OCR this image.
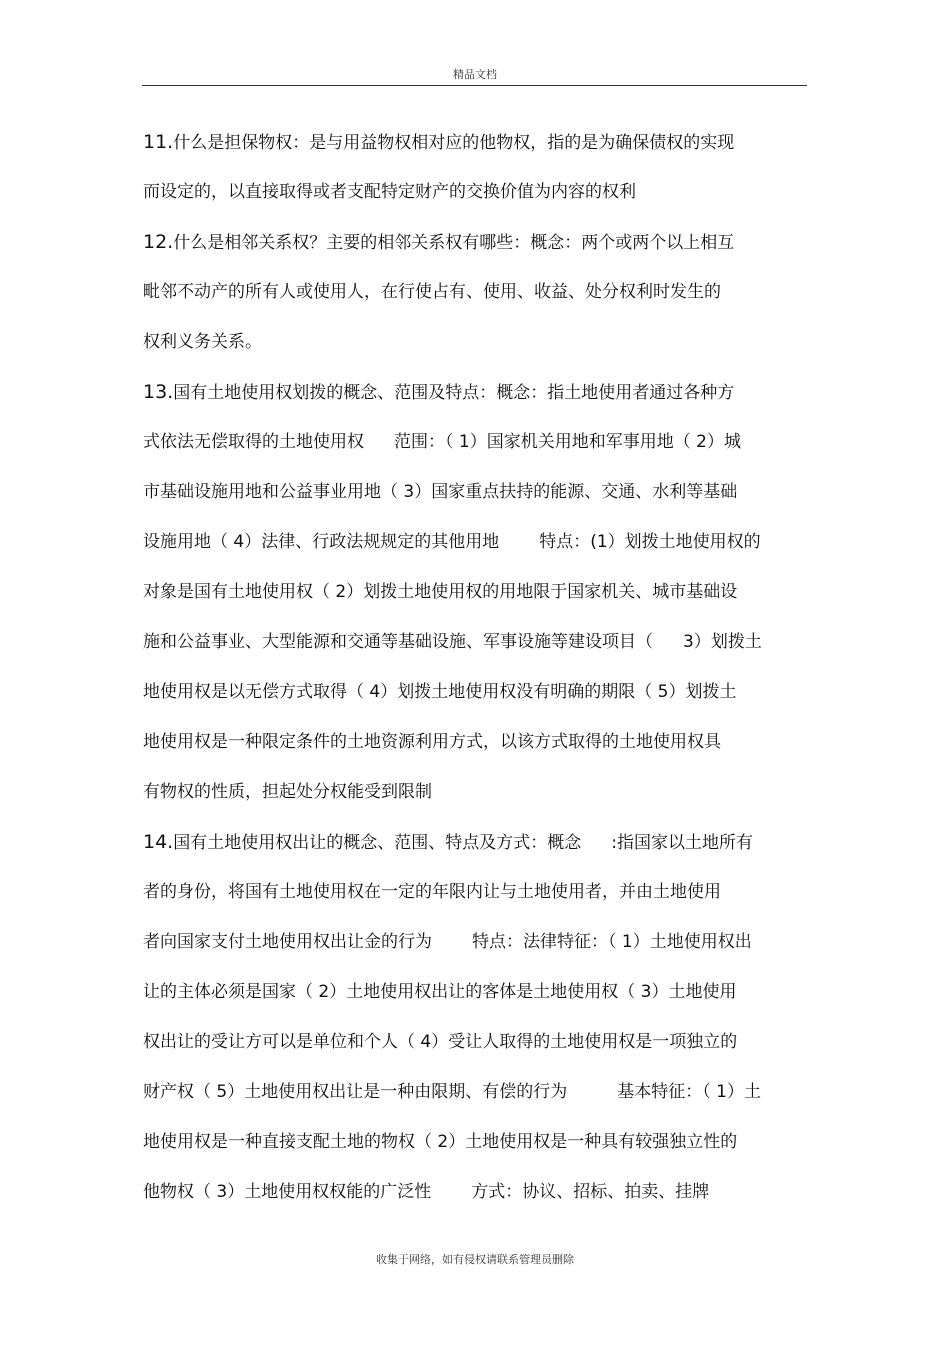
精品文档
11.什么是担保物权：是与用益物权相对应的他物权，指的是为确保债权的实现
而设定的，以直接取得或者支配特定财产的交换价值为内容的权利
12.什么是相邻关系权？主要的相邻关系权有哪些：概念：两个或两个以上相互
毗邻不动产的所有人或使用人，在行使占有、使用、收益、处分权利时发生的
权利义务关系。
13.国有土地使用权划拨的概念、范围及特点：概念：指土地使用者通过各种方
式依法无偿取得的土地使用权 范围：（ 1）国家机关用地和军事用地（ 2）城
市基础设施用地和公益事业用地（ 3）国家重点扶持的能源、交通、水利等基础
设施用地（ 4）法律、行政法规规定的其他用地 特点：(1）划拨土地使用权的
对象是国有土地使用权（ 2）划拨土地使用权的用地限于国家机关、城市基础设
施和公益事业、大型能源和交通等基础设施、军事设施等建设项目（ 3）划拨土
地使用权是以无偿方式取得（ 4）划拨土地使用权没有明确的期限（ 5）划拨土
地使用权是一种限定条件的土地资源利用方式，以该方式取得的土地使用权具
有物权的性质，担起处分权能受到限制
14.国有土地使用权出让的概念、范围、特点及方式：概念 :指国家以土地所有
者的身份，将国有土地使用权在一定的年限内让与土地使用者，并由土地使用
者向国家支付土地使用权出让金的行为 特点：法律特征：（ 1）土地使用权出
让的主体必须是国家（ 2）土地使用权出让的客体是土地使用权（ 3）土地使用
权出让的受让方可以是单位和个人（ 4）受让人取得的土地使用权是一项独立的
财产权（ 5）土地使用权出让是一种由限期、有偿的行为	基本特征：（ 1）土
地使用权是一种直接支配土地的物权（ 2）土地使用权是一种具有较强独立性的
他物权（ 3）土地使用权权能的广泛性 方式：协议、招标、拍卖、挂牌
收集于网络，如有侵权请联系管理员删除
